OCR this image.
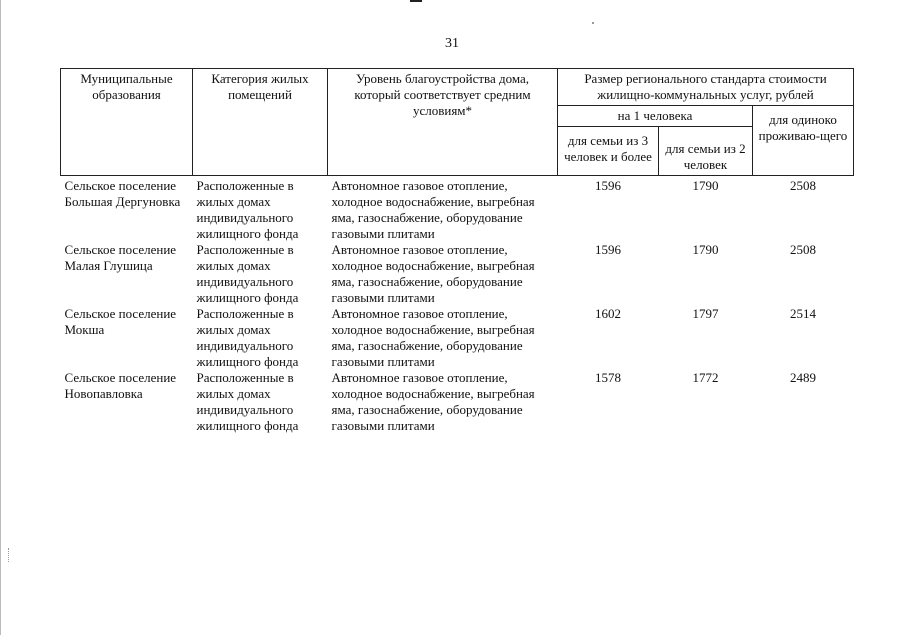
31
Муниципальные образования	Категория жилых помещений	Уровень благоустройства дома, который соответствует средним условиям*	Размер регионального стандарта стоимости жилищно-коммунальных услуг, рублей		
			на 1 человека		для одиноко проживаю-щего
			для семьи из 3 человек и более	для семьи из 2 человек	
Сельское поселение Большая Дергуновка	Расположенные в жилых домах индивидуального жилищного фонда	Автономное газовое отопление, холодное водоснабжение, выгребная яма, газоснабжение, оборудование газовыми плитами	1596	1790	2508
Сельское поселение Малая Глушица	Расположенные в жилых домах индивидуального жилищного фонда	Автономное газовое отопление, холодное водоснабжение, выгребная яма, газоснабжение, оборудование газовыми плитами	1596	1790	2508
Сельское поселение Мокша	Расположенные в жилых домах индивидуального жилищного фонда	Автономное газовое отопление, холодное водоснабжение, выгребная яма, газоснабжение, оборудование газовыми плитами	1602	1797	2514
Сельское поселение Новопавловка	Расположенные в жилых домах индивидуального жилищного фонда	Автономное газовое отопление, холодное водоснабжение, выгребная яма, газоснабжение, оборудование газовыми плитами	1578	1772	2489
